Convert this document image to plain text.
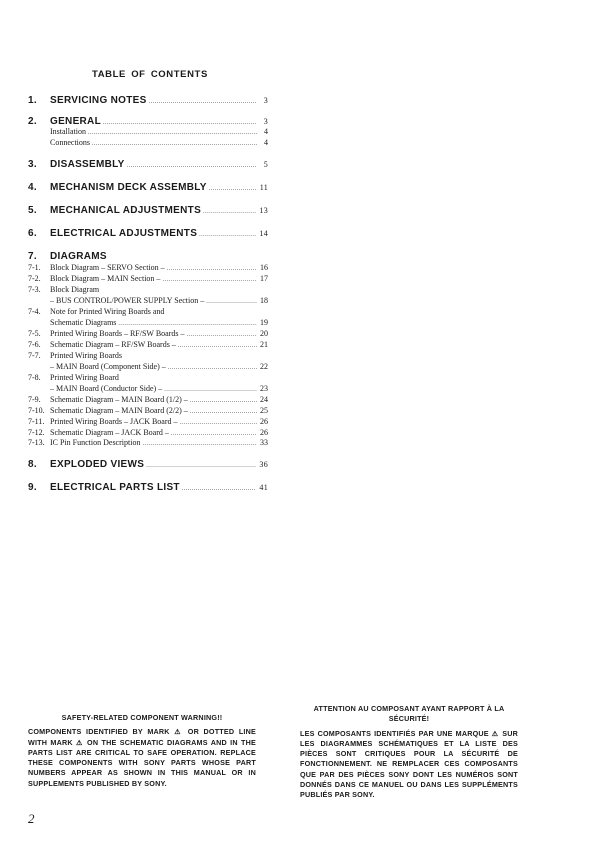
TABLE OF CONTENTS
1.	SERVICING NOTES .....	3
2.	GENERAL .....	3
Installation .....	4
Connections .....	4
3.	DISASSEMBLY .....	5
4.	MECHANISM DECK ASSEMBLY .....	11
5.	MECHANICAL ADJUSTMENTS .....	13
6.	ELECTRICAL ADJUSTMENTS .....	14
7.	DIAGRAMS
7-1.	Block Diagram – SERVO Section – .....	16
7-2.	Block Diagram – MAIN Section – .....	17
7-3.	Block Diagram
– BUS CONTROL/POWER SUPPLY Section – .....	18
7-4.	Note for Printed Wiring Boards and
Schematic Diagrams .....	19
7-5.	Printed Wiring Boards – RF/SW Boards – .....	20
7-6.	Schematic Diagram – RF/SW Boards – .....	21
7-7.	Printed Wiring Boards
– MAIN Board (Component Side) – .....	22
7-8.	Printed Wiring Board
– MAIN Board (Conductor Side) – .....	23
7-9.	Schematic Diagram – MAIN Board (1/2) – .....	24
7-10. Schematic Diagram – MAIN Board (2/2) – .....	25
7-11. Printed Wiring Boards – JACK Board – .....	26
7-12. Schematic Diagram – JACK Board – .....	26
7-13. IC Pin Function Description .....	33
8.	EXPLODED VIEWS .....	36
9.	ELECTRICAL PARTS LIST .....	41
SAFETY-RELATED COMPONENT WARNING!!
COMPONENTS IDENTIFIED BY MARK ⚠ OR DOTTED LINE WITH MARK ⚠ ON THE SCHEMATIC DIAGRAMS AND IN THE PARTS LIST ARE CRITICAL TO SAFE OPERATION. REPLACE THESE COMPONENTS WITH SONY PARTS WHOSE PART NUMBERS APPEAR AS SHOWN IN THIS MANUAL OR IN SUPPLEMENTS PUBLISHED BY SONY.
ATTENTION AU COMPOSANT AYANT RAPPORT À LA SÉCURITÉ!
LES COMPOSANTS IDENTIFIÉS PAR UNE MARQUE ⚠ SUR LES DIAGRAMMES SCHÉMATIQUES ET LA LISTE DES PIÈCES SONT CRITIQUES POUR LA SÉCURITÉ DE FONCTIONNEMENT. NE REMPLACER CES COMPOSANTS QUE PAR DES PIÈCES SONY DONT LES NUMÉROS SONT DONNÉS DANS CE MANUEL OU DANS LES SUPPLÉMENTS PUBLIÉS PAR SONY.
2
